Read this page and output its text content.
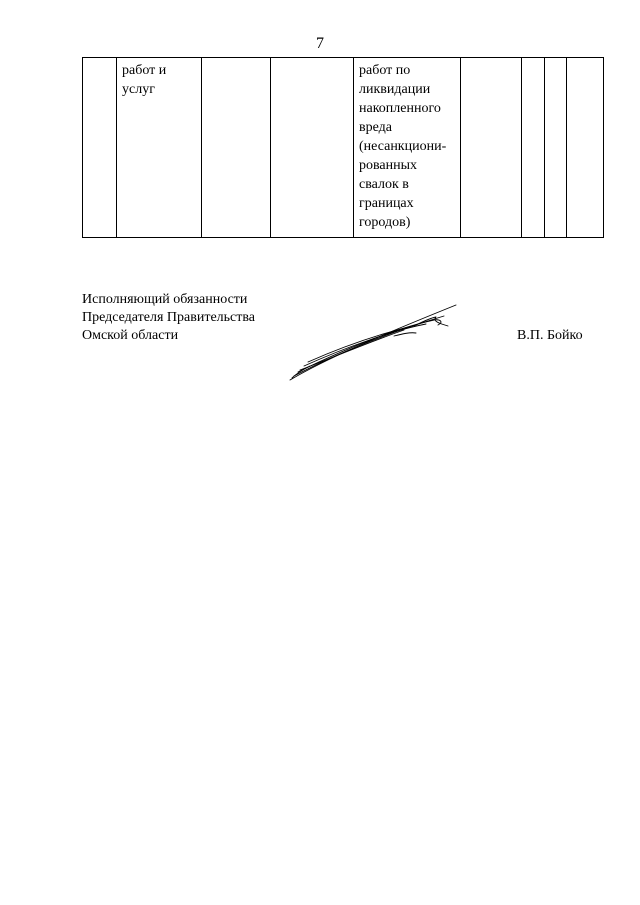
7
работ и
услуг
работ по
ликвидации
накопленного
вреда
(несанкциони-
рованных
свалок в
границах
городов)
Исполняющий обязанности
Председателя Правительства
Омской области	В.П. Бойко
